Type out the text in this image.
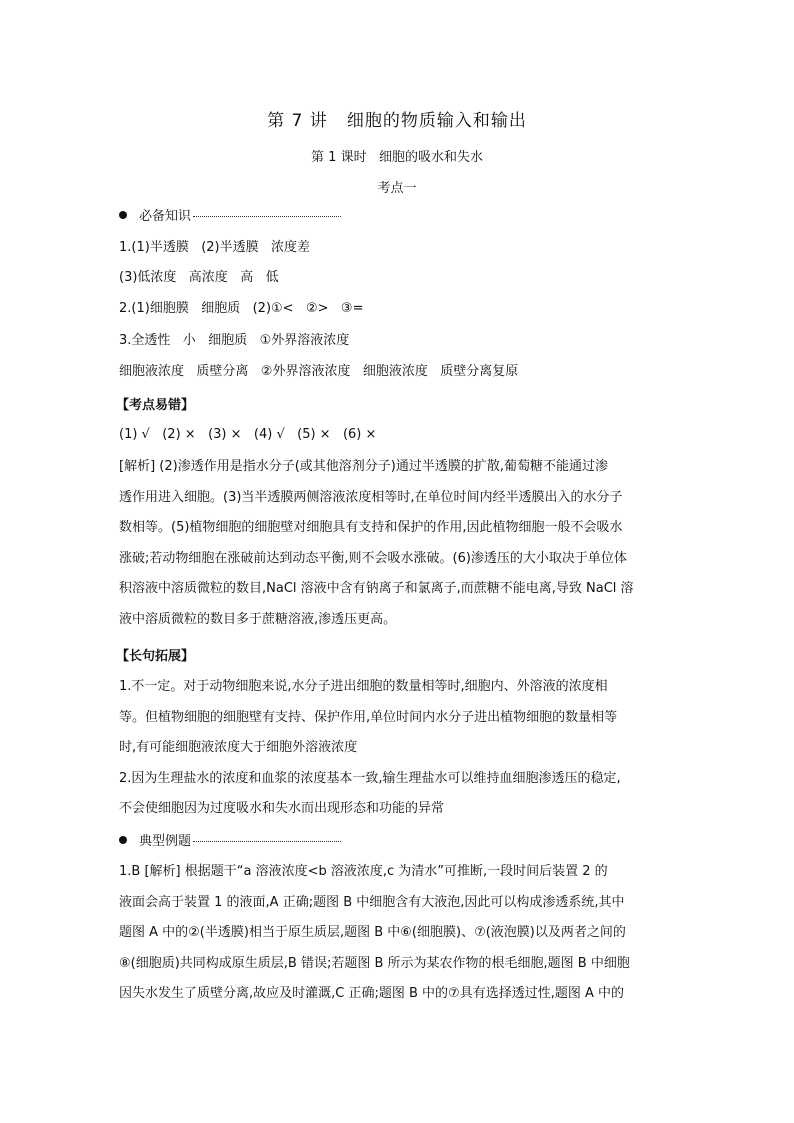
第 7 讲   细胞的物质输入和输出
第 1 课时   细胞的吸水和失水
考点一
必备知识
1.(1)半透膜   (2)半透膜   浓度差
(3)低浓度   高浓度   高   低
2.(1)细胞膜   细胞质   (2)①<   ②>   ③=
3.全透性   小   细胞质   ①外界溶液浓度
细胞液浓度   质壁分离   ②外界溶液浓度   细胞液浓度   质壁分离复原
【考点易错】
(1) √   (2) ×   (3) ×   (4) √   (5) ×   (6) ×
[解析] (2)渗透作用是指水分子(或其他溶剂分子)通过半透膜的扩散,葡萄糖不能通过渗
透作用进入细胞。(3)当半透膜两侧溶液浓度相等时,在单位时间内经半透膜出入的水分子
数相等。(5)植物细胞的细胞壁对细胞具有支持和保护的作用,因此植物细胞一般不会吸水
涨破;若动物细胞在涨破前达到动态平衡,则不会吸水涨破。(6)渗透压的大小取决于单位体
积溶液中溶质微粒的数目,NaCl 溶液中含有钠离子和氯离子,而蔗糖不能电离,导致 NaCl 溶
液中溶质微粒的数目多于蔗糖溶液,渗透压更高。
【长句拓展】
1.不一定。对于动物细胞来说,水分子进出细胞的数量相等时,细胞内、外溶液的浓度相
等。但植物细胞的细胞壁有支持、保护作用,单位时间内水分子进出植物细胞的数量相等
时,有可能细胞液浓度大于细胞外溶液浓度
2.因为生理盐水的浓度和血浆的浓度基本一致,输生理盐水可以维持血细胞渗透压的稳定,
不会使细胞因为过度吸水和失水而出现形态和功能的异常
典型例题
1.B [解析] 根据题干“a 溶液浓度<b 溶液浓度,c 为清水”可推断,一段时间后装置 2 的
液面会高于装置 1 的液面,A 正确;题图 B 中细胞含有大液泡,因此可以构成渗透系统,其中
题图 A 中的②(半透膜)相当于原生质层,题图 B 中⑥(细胞膜)、⑦(液泡膜)以及两者之间的
⑧(细胞质)共同构成原生质层,B 错误;若题图 B 所示为某农作物的根毛细胞,题图 B 中细胞
因失水发生了质壁分离,故应及时灌溉,C 正确;题图 B 中的⑦具有选择透过性,题图 A 中的
